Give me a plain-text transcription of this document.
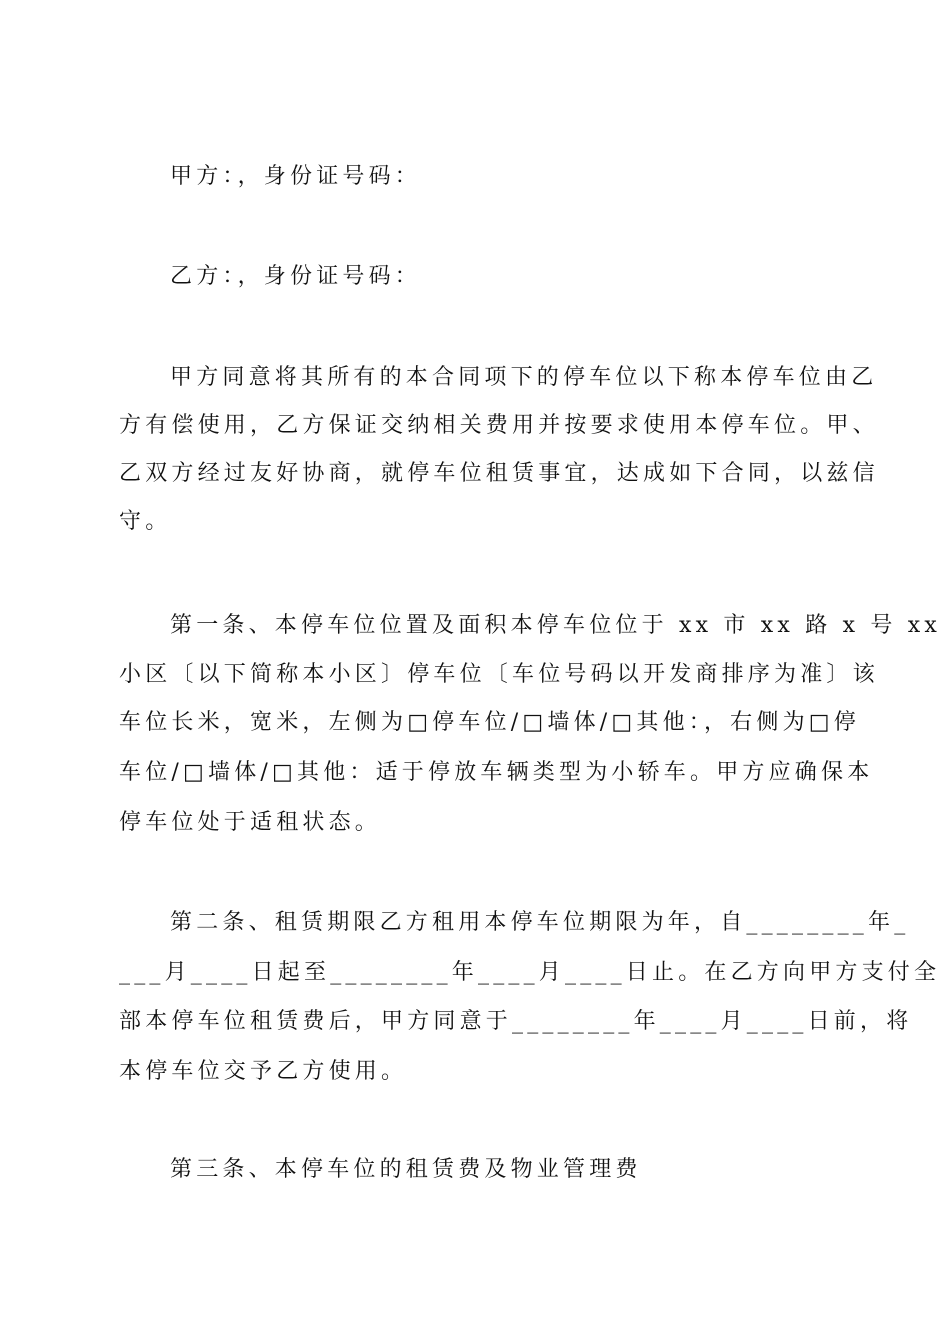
甲方：，身份证号码：
乙方：，身份证号码：
甲方同意将其所有的本合同项下的停车位以下称本停车位由乙
方有偿使用，乙方保证交纳相关费用并按要求使用本停车位。甲、
乙双方经过友好协商，就停车位租赁事宜，达成如下合同，以兹信
守。
第一条、本停车位位置及面积本停车位位于 xx 市 xx 路 x 号 xx
小区〔以下简称本小区〕停车位〔车位号码以开发商排序为准〕该
车位长米，宽米，左侧为□停车位/□墙体/□其他：，右侧为□停
车位/□墙体/□其他：适于停放车辆类型为小轿车。甲方应确保本
停车位处于适租状态。
第二条、租赁期限乙方租用本停车位期限为年，自________年_
___月____日起至________年____月____日止。在乙方向甲方支付全
部本停车位租赁费后，甲方同意于________年____月____日前，将
本停车位交予乙方使用。
第三条、本停车位的租赁费及物业管理费
